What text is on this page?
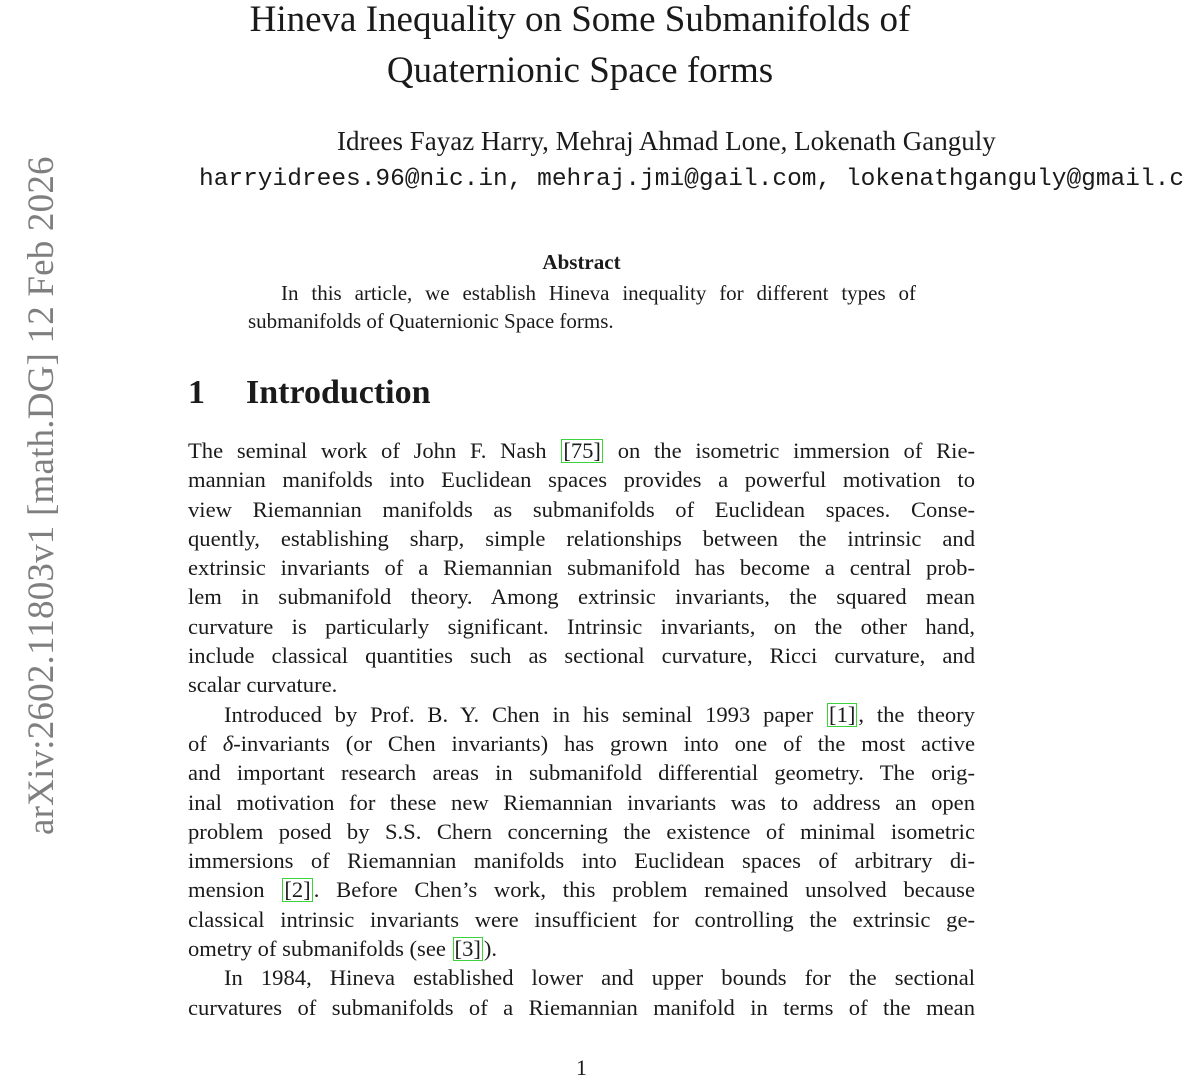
arXiv:2602.11803v1 [math.DG] 12 Feb 2026
Hineva Inequality on Some Submanifolds of
Quaternionic Space forms
Idrees Fayaz Harry, Mehraj Ahmad Lone, Lokenath Ganguly
harryidrees.96@nic.in, mehraj.jmi@gail.com, lokenathganguly@gmail.c
Abstract
In this article, we establish Hineva inequality for different types of submanifolds of Quaternionic Space forms.
1 Introduction
The seminal work of John F. Nash [75] on the isometric immersion of Rie-
mannian manifolds into Euclidean spaces provides a powerful motivation to
view Riemannian manifolds as submanifolds of Euclidean spaces. Conse-
quently, establishing sharp, simple relationships between the intrinsic and
extrinsic invariants of a Riemannian submanifold has become a central prob-
lem in submanifold theory. Among extrinsic invariants, the squared mean
curvature is particularly significant. Intrinsic invariants, on the other hand,
include classical quantities such as sectional curvature, Ricci curvature, and
scalar curvature.
Introduced by Prof. B. Y. Chen in his seminal 1993 paper [1] , the theory
of δ-invariants (or Chen invariants) has grown into one of the most active
and important research areas in submanifold differential geometry. The orig-
inal motivation for these new Riemannian invariants was to address an open
problem posed by S.S. Chern concerning the existence of minimal isometric
immersions of Riemannian manifolds into Euclidean spaces of arbitrary di-
mension [2] . Before Chen’s work, this problem remained unsolved because
classical intrinsic invariants were insufficient for controlling the extrinsic ge-
ometry of submanifolds (see [3] ).
In 1984, Hineva established lower and upper bounds for the sectional
curvatures of submanifolds of a Riemannian manifold in terms of the mean
1
